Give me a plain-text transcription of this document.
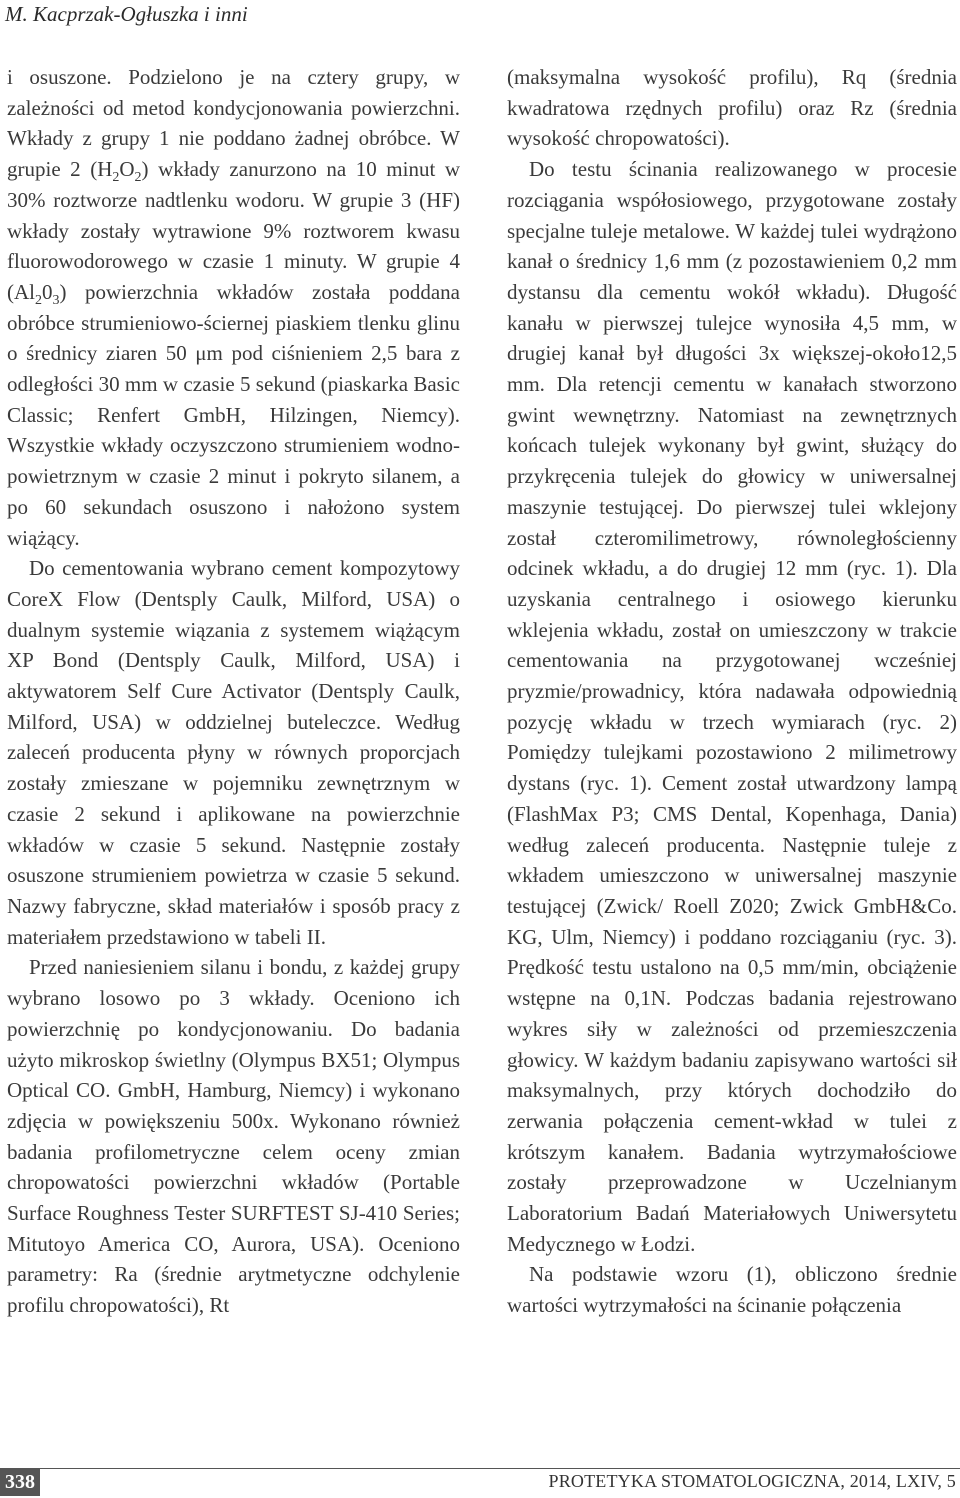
M. Kacprzak-Ogłuszka i inni

i osuszone. Podzielono je na cztery grupy, w zależności od metod kondycjonowania powierzchni. Wkłady z grupy 1 nie poddano żadnej obróbce. W grupie 2 $(H_2O_2)$ wkłady zanurzono na 10 minut w 30% roztworze nadtlenku wodoru. W grupie 3 (HF) wkłady zostały wytrawione 9% roztworem kwasu fluorowodorowego w czasie 1 minuty. W grupie 4 $(Al_20_3)$ powierzchnia wkładów została poddana obróbce strumieniowo-ściernej piaskiem tlenku glinu o średnicy ziaren 50 μm pod ciśnieniem 2,5 bara z odległości 30 mm w czasie 5 sekund (piaskarka Basic Classic; Renfert GmbH, Hilzingen, Niemcy). Wszystkie wkłady oczyszczono strumieniem wodno-powietrznym w czasie 2 minut i pokryto silanem, a po 60 sekundach osuszono i nałożono system wiążący.

Do cementowania wybrano cement kompozytowy CoreX Flow (Dentsply Caulk, Milford, USA) o dualnym systemie wiązania z systemem wiążącym XP Bond (Dentsply Caulk, Milford, USA) i aktywatorem Self Cure Activator (Dentsply Caulk, Milford, USA) w oddzielnej buteleczce. Według zaleceń producenta płyny w równych proporcjach zostały zmieszane w pojemniku zewnętrznym w czasie 2 sekund i aplikowane na powierzchnie wkładów w czasie 5 sekund. Następnie zostały osuszone strumieniem powietrza w czasie 5 sekund. Nazwy fabryczne, skład materiałów i sposób pracy z materiałem przedstawiono w tabeli II.

Przed naniesieniem silanu i bondu, z każdej grupy wybrano losowo po 3 wkłady. Oceniono ich powierzchnię po kondycjonowaniu. Do badania użyto mikroskop świetlny (Olympus BX51; Olympus Optical CO. GmbH, Hamburg, Niemcy) i wykonano zdjęcia w powiększeniu 500x. Wykonano również badania profilometryczne celem oceny zmian chropowatości powierzchni wkładów (Portable Surface Roughness Tester SURFTEST SJ-410 Series; Mitutoyo America CO, Aurora, USA). Oceniono parametry: Ra (średnie arytmetyczne odchylenie profilu chropowatości), Rt

(maksymalna wysokość profilu), Rq (średnia kwadratowa rzędnych profilu) oraz Rz (średnia wysokość chropowatości).

Do testu ścinania realizowanego w procesie rozciągania współosiowego, przygotowane zostały specjalne tuleje metalowe. W każdej tulei wydrążono kanał o średnicy 1,6 mm (z pozostawieniem 0,2 mm dystansu dla cementu wokół wkładu). Długość kanału w pierwszej tulejce wynosiła 4,5 mm, w drugiej kanał był długości 3x większej-około12,5 mm. Dla retencji cementu w kanałach stworzono gwint wewnętrzny. Natomiast na zewnętrznych końcach tulejek wykonany był gwint, służący do przykręcenia tulejek do głowicy w uniwersalnej maszynie testującej. Do pierwszej tulei wklejony został czteromilimetrowy, równoległościenny odcinek wkładu, a do drugiej 12 mm (ryc. 1). Dla uzyskania centralnego i osiowego kierunku wklejenia wkładu, został on umieszczony w trakcie cementowania na przygotowanej wcześniej pryzmie/prowadnicy, która nadawała odpowiednią pozycję wkładu w trzech wymiarach (ryc. 2) Pomiędzy tulejkami pozostawiono 2 milimetrowy dystans (ryc. 1). Cement został utwardzony lampą (FlashMax P3; CMS Dental, Kopenhaga, Dania) według zaleceń producenta. Następnie tuleje z wkładem umieszczono w uniwersalnej maszynie testującej (Zwick/ Roell Z020; Zwick GmbH&Co. KG, Ulm, Niemcy) i poddano rozciąganiu (ryc. 3). Prędkość testu ustalono na 0,5 mm/min, obciążenie wstępne na 0,1N. Podczas badania rejestrowano wykres siły w zależności od przemieszczenia głowicy. W każdym badaniu zapisywano wartości sił maksymalnych, przy których dochodziło do zerwania połączenia cement-wkład w tulei z krótszym kanałem. Badania wytrzymałościowe zostały przeprowadzone w Uczelnianym Laboratorium Badań Materiałowych Uniwersytetu Medycznego w Łodzi.

Na podstawie wzoru (1), obliczono średnie wartości wytrzymałości na ścinanie połączenia

338	PROTETYKA STOMATOLOGICZNA, 2014, LXIV, 5
